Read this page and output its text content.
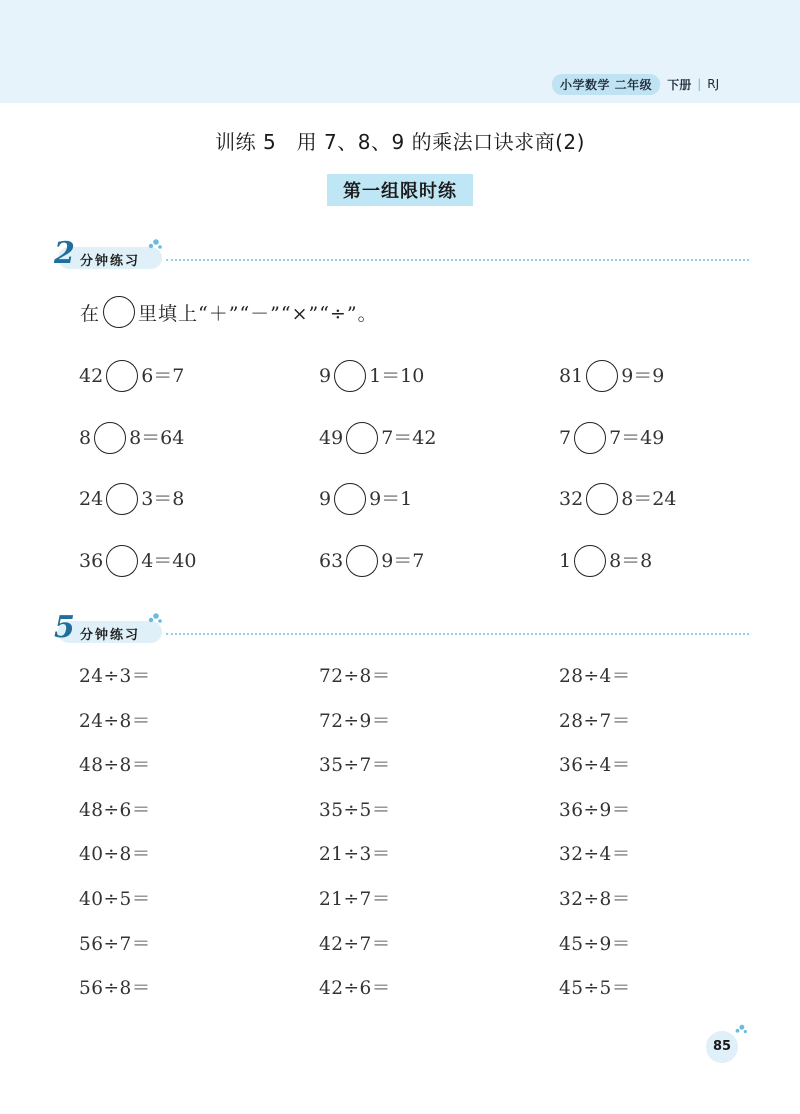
小学数学 二年级	下册 | RJ
训练 5　用 7、8、9 的乘法口诀求商(2)
第一组限时练
2 分钟练习
在 里填上“＋”“－”“×”“÷”。
42 6＝7	9 1＝10	81 9＝9
8 8＝64	49 7＝42	7 7＝49
24 3＝8	9 9＝1	32 8＝24
36 4＝40	63 9＝7	1 8＝8
5 分钟练习
24÷3＝	72÷8＝	28÷4＝
24÷8＝	72÷9＝	28÷7＝
48÷8＝	35÷7＝	36÷4＝
48÷6＝	35÷5＝	36÷9＝
40÷8＝	21÷3＝	32÷4＝
40÷5＝	21÷7＝	32÷8＝
56÷7＝	42÷7＝	45÷9＝
56÷8＝	42÷6＝	45÷5＝
85
